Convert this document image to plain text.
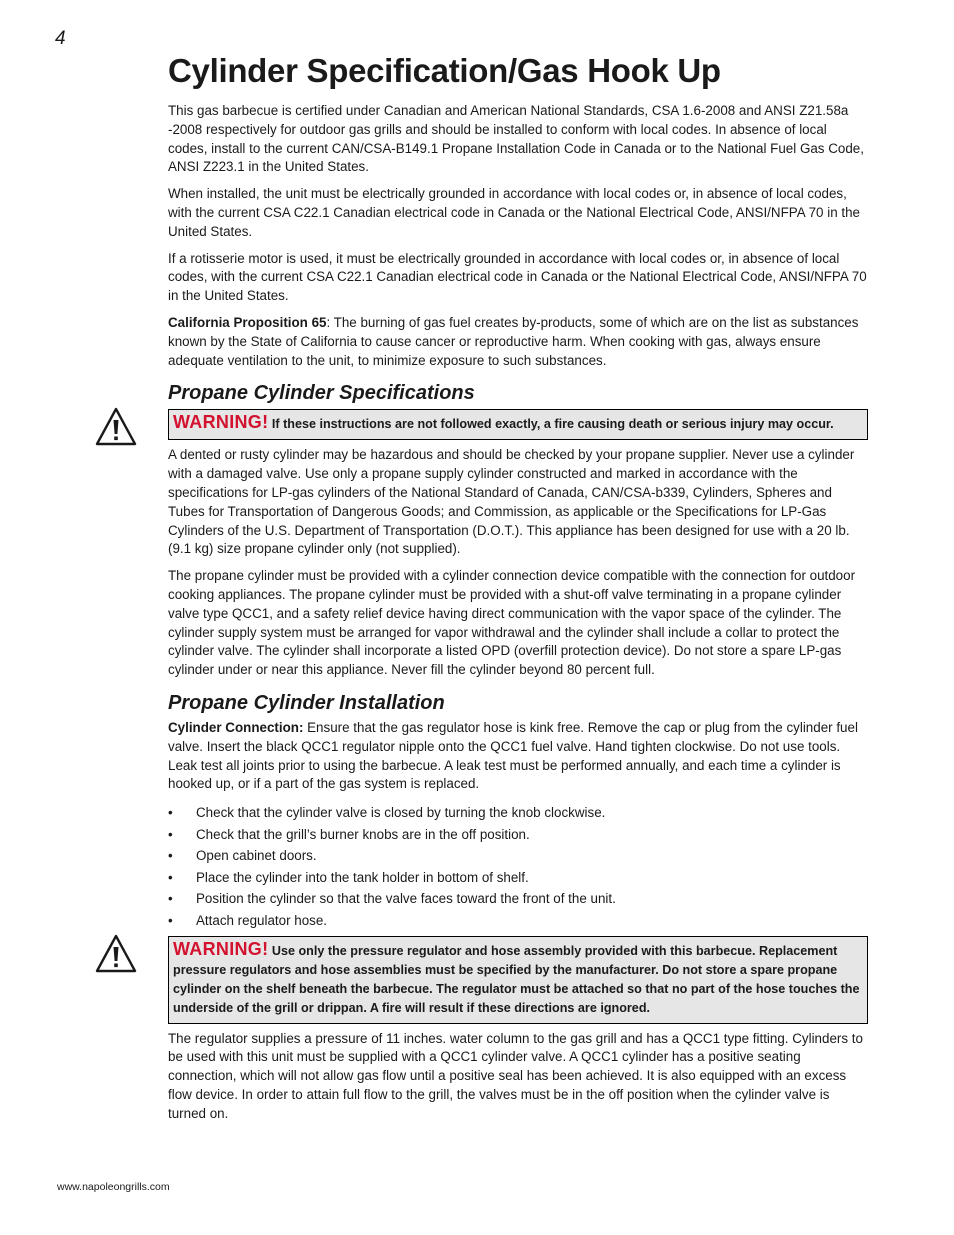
4
Cylinder Specification/Gas Hook Up

This gas barbecue is certified under Canadian and American National Standards, CSA 1.6-2008 and ANSI Z21.58a -2008 respectively for outdoor gas grills and should be installed to conform with local codes. In absence of local codes, install to the current CAN/CSA-B149.1 Propane Installation Code in Canada or to the National Fuel Gas Code, ANSI Z223.1 in the United States.

When installed, the unit must be electrically grounded in accordance with local codes or, in absence of local codes, with the current CSA C22.1 Canadian electrical code in Canada or the National Electrical Code, ANSI/NFPA 70 in the United States.

If a rotisserie motor is used, it must be electrically grounded in accordance with local codes or, in absence of local codes, with the current CSA C22.1 Canadian electrical code in Canada or the National Electrical Code, ANSI/NFPA 70 in the United States.

California Proposition 65: The burning of gas fuel creates by-products, some of which are on the list as substances known by the State of California to cause cancer or reproductive harm. When cooking with gas, always ensure adequate ventilation to the unit, to minimize exposure to such substances.

Propane Cylinder Specifications
WARNING! If these instructions are not followed exactly, a fire causing death or serious injury may occur.

A dented or rusty cylinder may be hazardous and should be checked by your propane supplier. Never use a cylinder with a damaged valve. Use only a propane supply cylinder constructed and marked in accordance with the specifications for LP-gas cylinders of the National Standard of Canada, CAN/CSA-b339, Cylinders, Spheres and Tubes for Transportation of Dangerous Goods; and Commission, as applicable or the Specifications for LP-Gas Cylinders of the U.S. Department of Transportation (D.O.T.). This appliance has been designed for use with a 20 lb. (9.1 kg) size propane cylinder only (not supplied).

The propane cylinder must be provided with a cylinder connection device compatible with the connection for outdoor cooking appliances. The propane cylinder must be provided with a shut-off valve terminating in a propane cylinder valve type QCC1, and a safety relief device having direct communication with the vapor space of the cylinder. The cylinder supply system must be arranged for vapor withdrawal and the cylinder shall include a collar to protect the cylinder valve. The cylinder shall incorporate a listed OPD (overfill protection device). Do not store a spare LP-gas cylinder under or near this appliance. Never fill the cylinder beyond 80 percent full.

Propane Cylinder Installation

Cylinder Connection: Ensure that the gas regulator hose is kink free. Remove the cap or plug from the cylinder fuel valve. Insert the black QCC1 regulator nipple onto the QCC1 fuel valve. Hand tighten clockwise. Do not use tools. Leak test all joints prior to using the barbecue. A leak test must be performed annually, and each time a cylinder is hooked up, or if a part of the gas system is replaced.

• Check that the cylinder valve is closed by turning the knob clockwise.
• Check that the grill’s burner knobs are in the off position.
• Open cabinet doors.
• Place the cylinder into the tank holder in bottom of shelf.
• Position the cylinder so that the valve faces toward the front of the unit.
• Attach regulator hose.
WARNING! Use only the pressure regulator and hose assembly provided with this barbecue. Replacement pressure regulators and hose assemblies must be specified by the manufacturer. Do not store a spare propane cylinder on the shelf beneath the barbecue. The regulator must be attached so that no part of the hose touches the underside of the grill or drippan. A fire will result if these directions are ignored.

The regulator supplies a pressure of 11 inches. water column to the gas grill and has a QCC1 type fitting. Cylinders to be used with this unit must be supplied with a QCC1 cylinder valve. A QCC1 cylinder has a positive seating connection, which will not allow gas flow until a positive seal has been achieved. It is also equipped with an excess flow device. In order to attain full flow to the grill, the valves must be in the off position when the cylinder valve is turned on.

www.napoleongrills.com
